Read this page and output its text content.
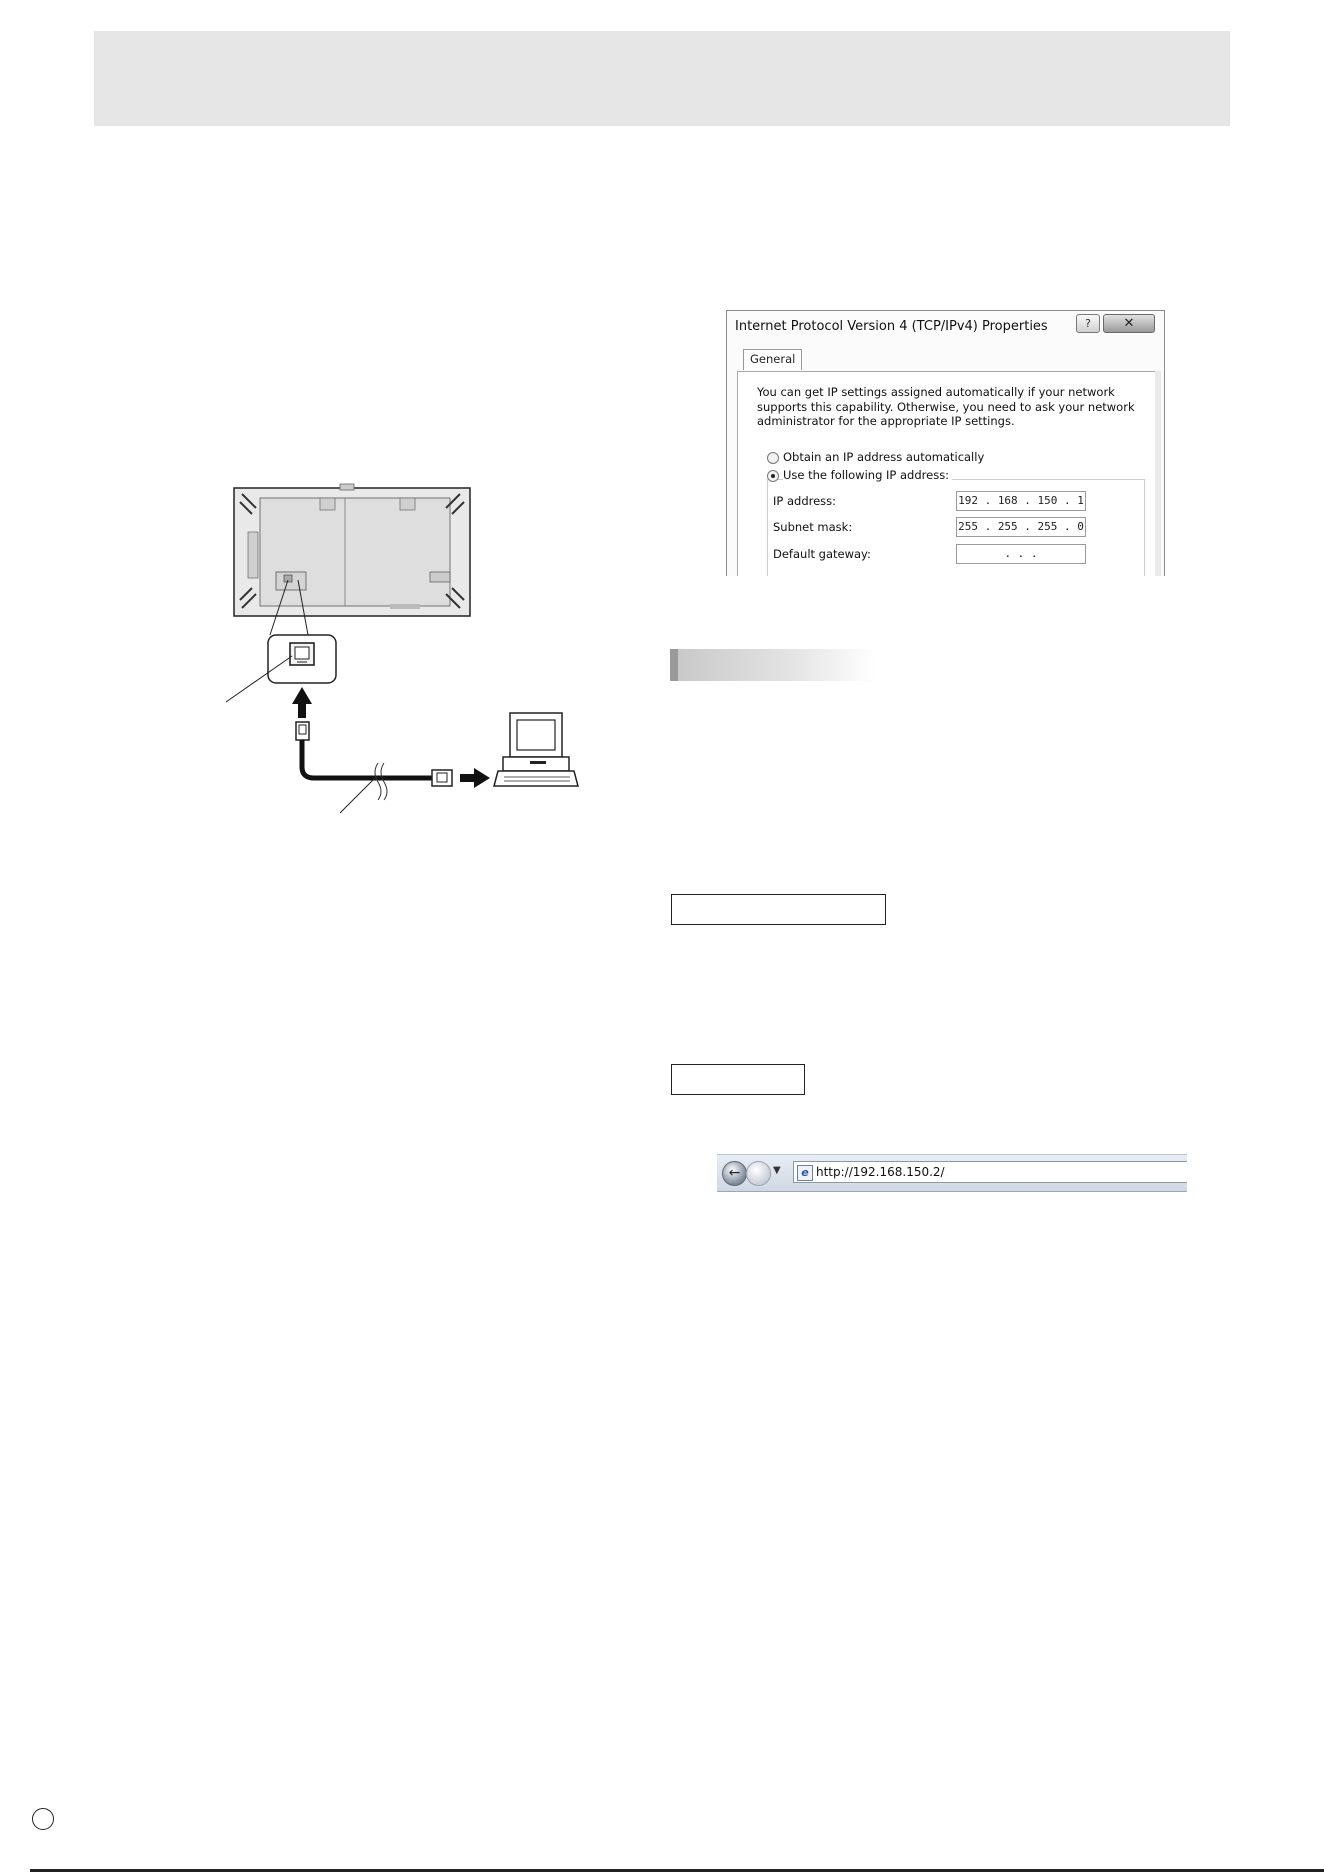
Internet Protocol Version 4 (TCP/IPv4) Properties	?	✕
General
You can get IP settings assigned automatically if your network supports this capability. Otherwise, you need to ask your network administrator for the appropriate IP settings.
Obtain an IP address automatically
Use the following IP address:
IP address:	192 . 168 . 150 . 1
Subnet mask:	255 . 255 . 255 . 0
Default gateway:	. . .
←	▼	e http://192.168.150.2/
